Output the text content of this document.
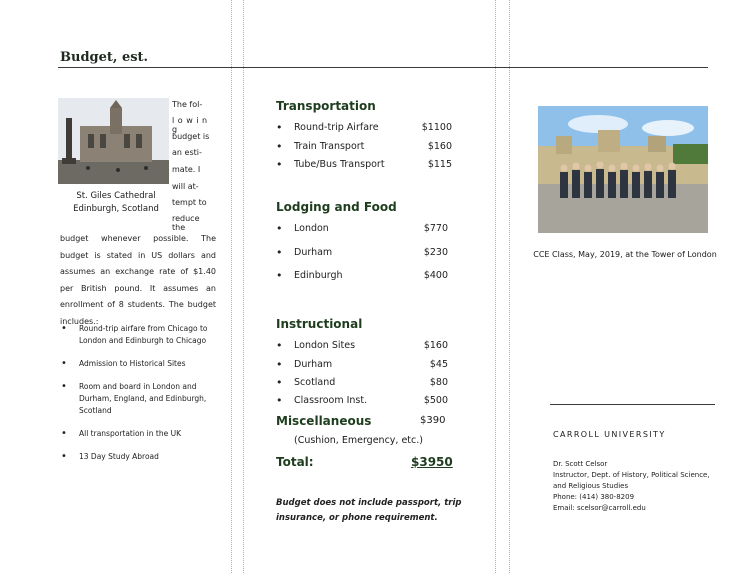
Budget, est.
St. Giles Cathedral
Edinburgh, Scotland
The fol-
l o w i n g
budget is
an esti-
mate. I
will at-
tempt to
reduce the
budget whenever possible. The budget is stated in US dollars and assumes an exchange rate of $1.40 per British pound. It assumes an enrollment of 8 students. The budget includes.:
• Round-trip airfare from Chicago to London and Edinburgh to Chicago
• Admission to Historical Sites
• Room and board in London and Durham, England, and Edinburgh, Scotland
• All transportation in the UK
• 13 Day Study Abroad
Transportation
• Round-trip Airfare	$1100
• Train Transport	$160
• Tube/Bus Transport	$115
Lodging and Food
• London	$770
• Durham	$230
• Edinburgh	$400
Instructional
• London Sites	$160
• Durham	$45
• Scotland	$80
• Classroom Inst.	$500
Miscellaneous	$390
(Cushion, Emergency, etc.)
Total:	$3950
Budget does not include passport, trip insurance, or phone requirement.
CCE Class, May, 2019, at the Tower of London
CARROLL UNIVERSITY
Dr. Scott Celsor
Instructor, Dept. of History, Political Science, and Religious Studies
Phone: (414) 380-8209
Email: scelsor@carroll.edu
